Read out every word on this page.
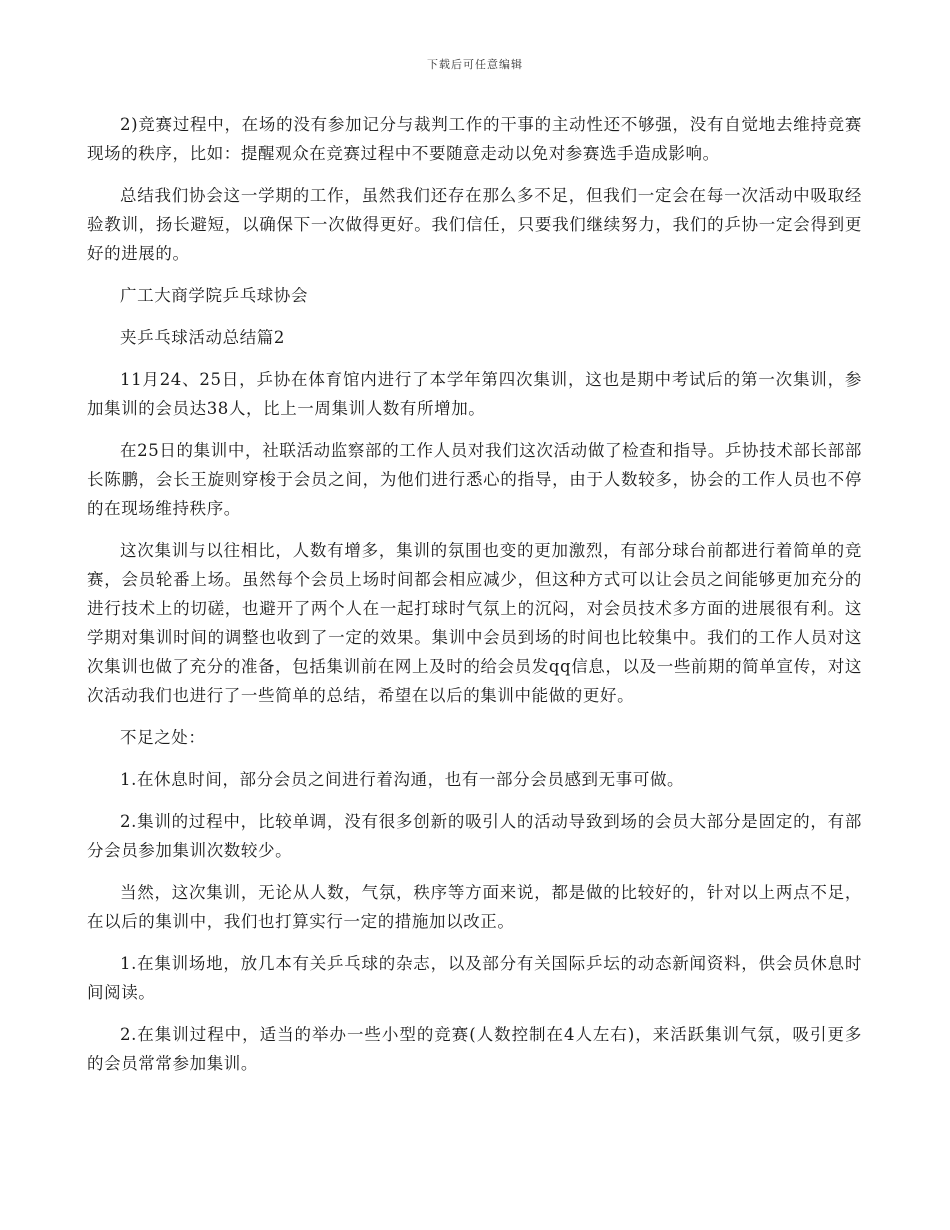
下载后可任意编辑

2)竞赛过程中，在场的没有参加记分与裁判工作的干事的主动性还不够强，没有自觉地去维持竞赛现场的秩序，比如：提醒观众在竞赛过程中不要随意走动以免对参赛选手造成影响。

总结我们协会这一学期的工作，虽然我们还存在那么多不足，但我们一定会在每一次活动中吸取经验教训，扬长避短，以确保下一次做得更好。我们信任，只要我们继续努力，我们的乒协一定会得到更好的进展的。

广工大商学院乒乓球协会

夹乒乓球活动总结篇2

11月24、25日，乒协在体育馆内进行了本学年第四次集训，这也是期中考试后的第一次集训，参加集训的会员达38人，比上一周集训人数有所增加。

在25日的集训中，社联活动监察部的工作人员对我们这次活动做了检查和指导。乒协技术部长部部长陈鹏，会长王旋则穿梭于会员之间，为他们进行悉心的指导，由于人数较多，协会的工作人员也不停的在现场维持秩序。

这次集训与以往相比，人数有增多，集训的氛围也变的更加激烈，有部分球台前都进行着简单的竞赛，会员轮番上场。虽然每个会员上场时间都会相应减少，但这种方式可以让会员之间能够更加充分的进行技术上的切磋，也避开了两个人在一起打球时气氛上的沉闷，对会员技术多方面的进展很有利。这学期对集训时间的调整也收到了一定的效果。集训中会员到场的时间也比较集中。我们的工作人员对这次集训也做了充分的准备，包括集训前在网上及时的给会员发qq信息，以及一些前期的简单宣传，对这次活动我们也进行了一些简单的总结，希望在以后的集训中能做的更好。

不足之处：

1.在休息时间，部分会员之间进行着沟通，也有一部分会员感到无事可做。

2.集训的过程中，比较单调，没有很多创新的吸引人的活动导致到场的会员大部分是固定的，有部分会员参加集训次数较少。

当然，这次集训，无论从人数，气氛，秩序等方面来说，都是做的比较好的，针对以上两点不足，在以后的集训中，我们也打算实行一定的措施加以改正。

1.在集训场地，放几本有关乒乓球的杂志，以及部分有关国际乒坛的动态新闻资料，供会员休息时间阅读。

2.在集训过程中，适当的举办一些小型的竞赛(人数控制在4人左右)，来活跃集训气氛，吸引更多的会员常常参加集训。
